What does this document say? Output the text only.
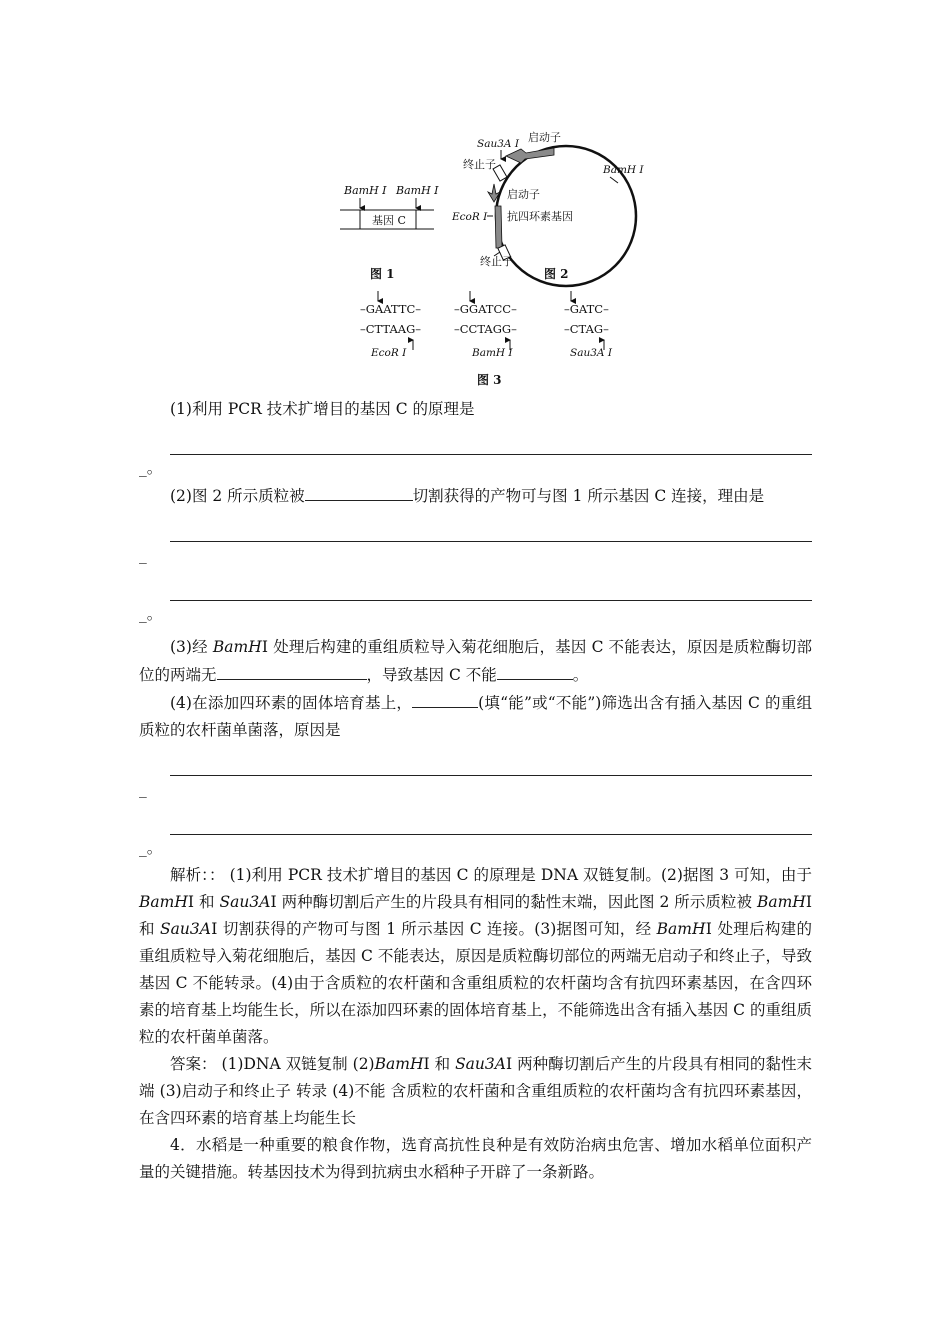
BamH Ⅰ BamH Ⅰ
基因 C
图 1
Sau3A Ⅰ 启动子
终止子
启动子
抗四环素基因
EcoR Ⅰ
终止子
BamH Ⅰ
图 2
–GAATTC–
–CTTAAG–
EcoR Ⅰ
–GGATCC–
–CCTAGG–
BamH Ⅰ
–GATC–
–CTAG–
Sau3A Ⅰ
图 3

(1)利用 PCR 技术扩增目的基因 C 的原理是

_。

(2)图 2 所示质粒被	切割获得的产物可与图 1 所示基因 C 连接，理由是

_

_。

(3)经 BamHⅠ 处理后构建的重组质粒导入菊花细胞后，基因 C 不能表达，原因是质粒酶切部位的两端无	，导致基因 C 不能	。

(4)在添加四环素的固体培育基上，	(填“能”或“不能”)筛选出含有插入基因 C 的重组质粒的农杆菌单菌落，原因是

_

_。

解析：： (1)利用 PCR 技术扩增目的基因 C 的原理是 DNA 双链复制。(2)据图 3 可知，由于 BamHⅠ 和 Sau3AⅠ 两种酶切割后产生的片段具有相同的黏性末端，因此图 2 所示质粒被 BamHⅠ 和 Sau3AⅠ 切割获得的产物可与图 1 所示基因 C 连接。(3)据图可知，经 BamHⅠ 处理后构建的重组质粒导入菊花细胞后，基因 C 不能表达，原因是质粒酶切部位的两端无启动子和终止子，导致基因 C 不能转录。(4)由于含质粒的农杆菌和含重组质粒的农杆菌均含有抗四环素基因，在含四环素的培育基上均能生长，所以在添加四环素的固体培育基上，不能筛选出含有插入基因 C 的重组质粒的农杆菌单菌落。

答案： (1)DNA 双链复制 (2)BamHⅠ 和 Sau3AⅠ 两种酶切割后产生的片段具有相同的黏性末端 (3)启动子和终止子 转录 (4)不能 含质粒的农杆菌和含重组质粒的农杆菌均含有抗四环素基因，在含四环素的培育基上均能生长

4．水稻是一种重要的粮食作物，选育高抗性良种是有效防治病虫危害、增加水稻单位面积产量的关键措施。转基因技术为得到抗病虫水稻种子开辟了一条新路。
